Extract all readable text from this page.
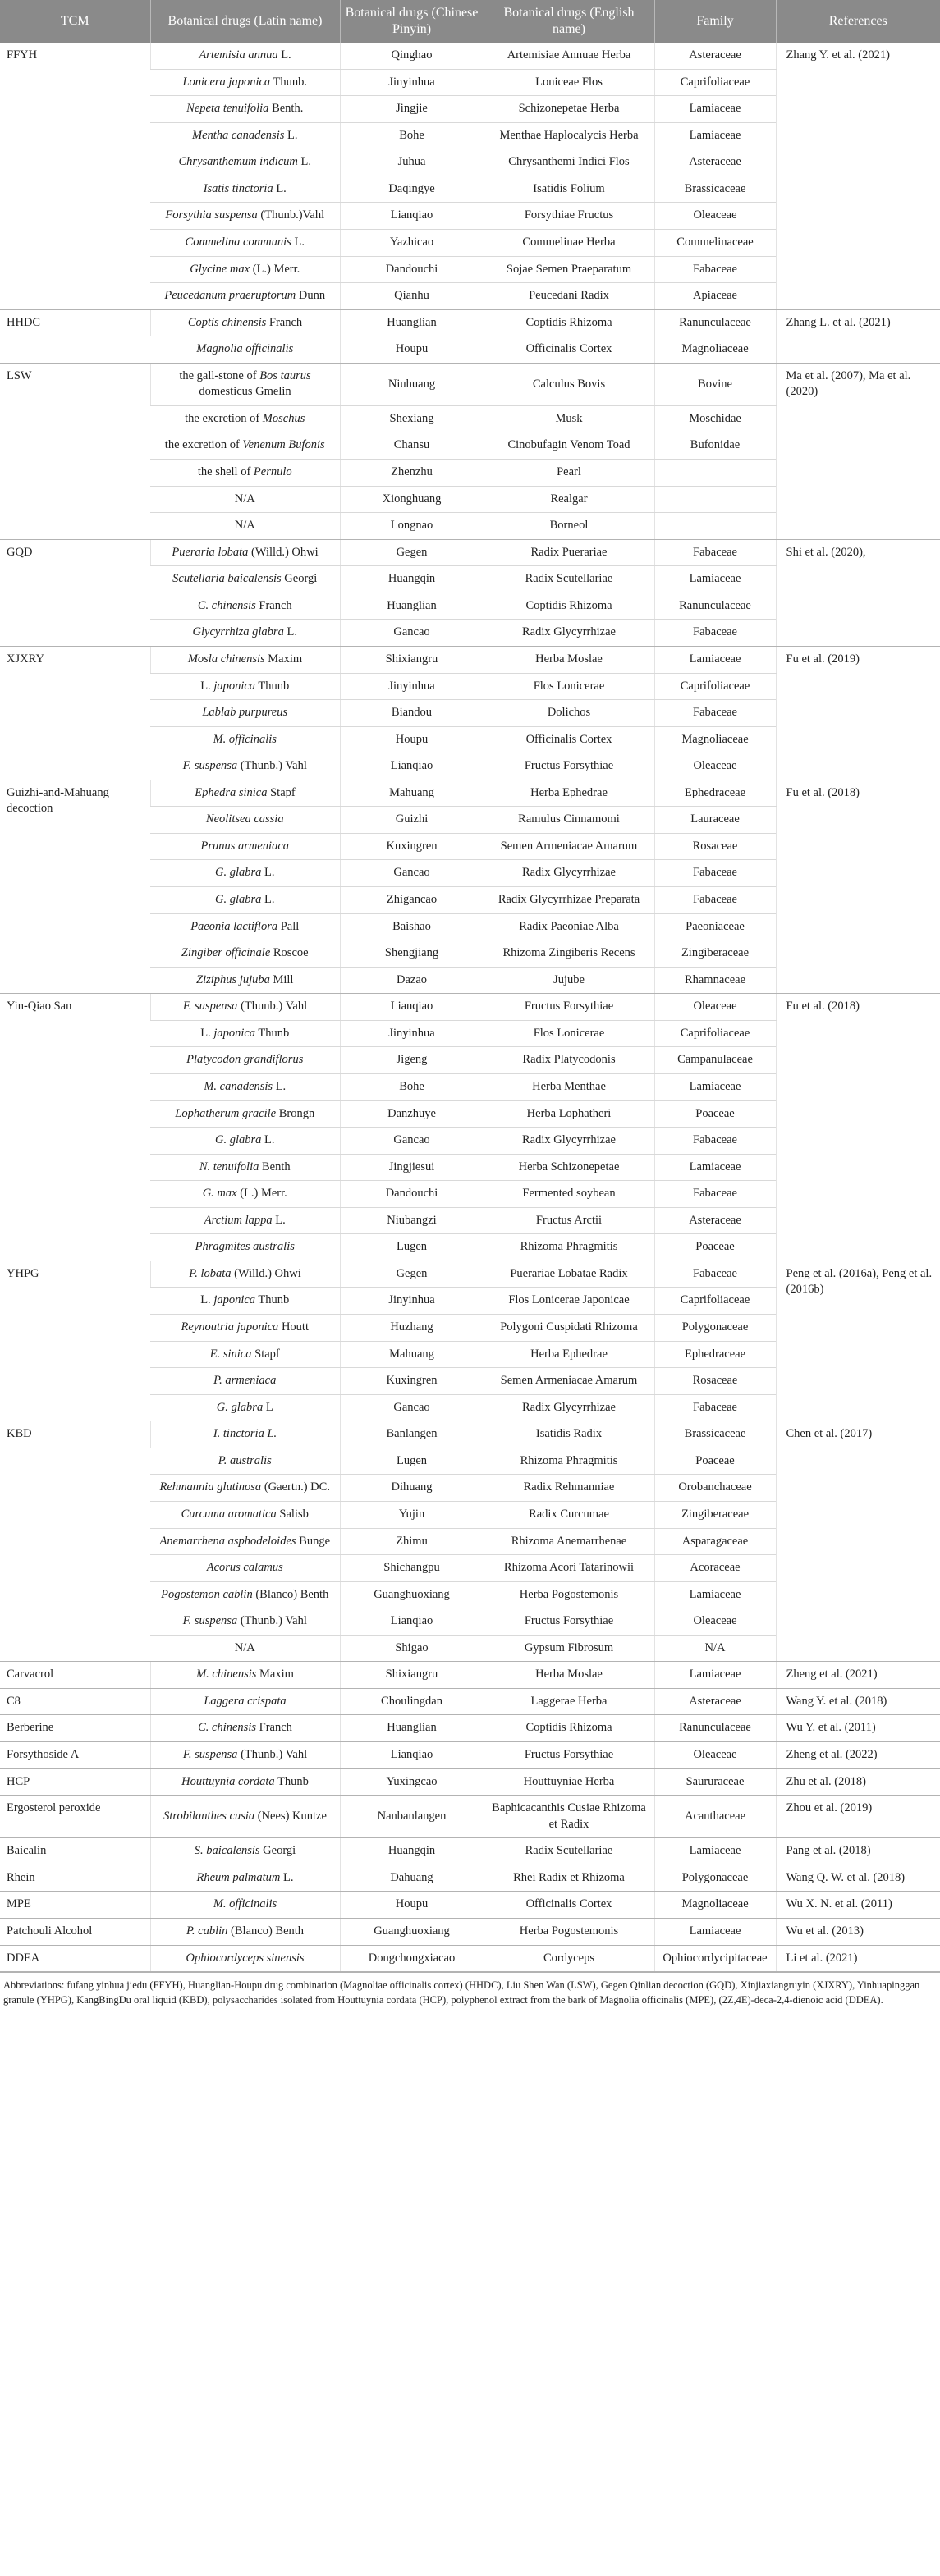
TCM	Botanical drugs (Latin name)	Botanical drugs (Chinese Pinyin)	Botanical drugs (English name)	Family	References
FFYH	Artemisia annua L.	Qinghao	Artemisiae Annuae Herba	Asteraceae	Zhang Y. et al. (2021)
	Lonicera japonica Thunb.	Jinyinhua	Loniceae Flos	Caprifoliaceae	
	Nepeta tenuifolia Benth.	Jingjie	Schizonepetae Herba	Lamiaceae	
	Mentha canadensis L.	Bohe	Menthae Haplocalycis Herba	Lamiaceae	
	Chrysanthemum indicum L.	Juhua	Chrysanthemi Indici Flos	Asteraceae	
	Isatis tinctoria L.	Daqingye	Isatidis Folium	Brassicaceae	
	Forsythia suspensa (Thunb.)Vahl	Lianqiao	Forsythiae Fructus	Oleaceae	
	Commelina communis L.	Yazhicao	Commelinae Herba	Commelinaceae	
	Glycine max (L.) Merr.	Dandouchi	Sojae Semen Praeparatum	Fabaceae	
	Peucedanum praeruptorum Dunn	Qianhu	Peucedani Radix	Apiaceae	
HHDC	Coptis chinensis Franch	Huanglian	Coptidis Rhizoma	Ranunculaceae	Zhang L. et al. (2021)
	Magnolia officinalis	Houpu	Officinalis Cortex	Magnoliaceae	
LSW	the gall-stone of Bos taurus domesticus Gmelin	Niuhuang	Calculus Bovis	Bovine	Ma et al. (2007), Ma et al. (2020)
	the excretion of Moschus	Shexiang	Musk	Moschidae	
	the excretion of Venenum Bufonis	Chansu	Cinobufagin Venom Toad	Bufonidae	
	the shell of Pernulo	Zhenzhu	Pearl		
	N/A	Xionghuang	Realgar		
	N/A	Longnao	Borneol		
GQD	Pueraria lobata (Willd.) Ohwi	Gegen	Radix Puerariae	Fabaceae	Shi et al. (2020),
	Scutellaria baicalensis Georgi	Huangqin	Radix Scutellariae	Lamiaceae	
	C. chinensis Franch	Huanglian	Coptidis Rhizoma	Ranunculaceae	
	Glycyrrhiza glabra L.	Gancao	Radix Glycyrrhizae	Fabaceae	
XJXRY	Mosla chinensis Maxim	Shixiangru	Herba Moslae	Lamiaceae	Fu et al. (2019)
	L. japonica Thunb	Jinyinhua	Flos Lonicerae	Caprifoliaceae	
	Lablab purpureus	Biandou	Dolichos	Fabaceae	
	M. officinalis	Houpu	Officinalis Cortex	Magnoliaceae	
	F. suspensa (Thunb.) Vahl	Lianqiao	Fructus Forsythiae	Oleaceae	
Guizhi-and-Mahuang decoction	Ephedra sinica Stapf	Mahuang	Herba Ephedrae	Ephedraceae	Fu et al. (2018)
	Neolitsea cassia	Guizhi	Ramulus Cinnamomi	Lauraceae	
	Prunus armeniaca	Kuxingren	Semen Armeniacae Amarum	Rosaceae	
	G. glabra L.	Gancao	Radix Glycyrrhizae	Fabaceae	
	G. glabra L.	Zhigancao	Radix Glycyrrhizae Preparata	Fabaceae	
	Paeonia lactiflora Pall	Baishao	Radix Paeoniae Alba	Paeoniaceae	
	Zingiber officinale Roscoe	Shengjiang	Rhizoma Zingiberis Recens	Zingiberaceae	
	Ziziphus jujuba Mill	Dazao	Jujube	Rhamnaceae	
Yin-Qiao San	F. suspensa (Thunb.) Vahl	Lianqiao	Fructus Forsythiae	Oleaceae	Fu et al. (2018)
	L. japonica Thunb	Jinyinhua	Flos Lonicerae	Caprifoliaceae	
	Platycodon grandiflorus	Jigeng	Radix Platycodonis	Campanulaceae	
	M. canadensis L.	Bohe	Herba Menthae	Lamiaceae	
	Lophatherum gracile Brongn	Danzhuye	Herba Lophatheri	Poaceae	
	G. glabra L.	Gancao	Radix Glycyrrhizae	Fabaceae	
	N. tenuifolia Benth	Jingjiesui	Herba Schizonepetae	Lamiaceae	
	G. max (L.) Merr.	Dandouchi	Fermented soybean	Fabaceae	
	Arctium lappa L.	Niubangzi	Fructus Arctii	Asteraceae	
	Phragmites australis	Lugen	Rhizoma Phragmitis	Poaceae	
YHPG	P. lobata (Willd.) Ohwi	Gegen	Puerariae Lobatae Radix	Fabaceae	Peng et al. (2016a), Peng et al. (2016b)
	L. japonica Thunb	Jinyinhua	Flos Lonicerae Japonicae	Caprifoliaceae	
	Reynoutria japonica Houtt	Huzhang	Polygoni Cuspidati Rhizoma	Polygonaceae	
	E. sinica Stapf	Mahuang	Herba Ephedrae	Ephedraceae	
	P. armeniaca	Kuxingren	Semen Armeniacae Amarum	Rosaceae	
	G. glabra L	Gancao	Radix Glycyrrhizae	Fabaceae	
KBD	I. tinctoria L.	Banlangen	Isatidis Radix	Brassicaceae	Chen et al. (2017)
	P. australis	Lugen	Rhizoma Phragmitis	Poaceae	
	Rehmannia glutinosa (Gaertn.) DC.	Dihuang	Radix Rehmanniae	Orobanchaceae	
	Curcuma aromatica Salisb	Yujin	Radix Curcumae	Zingiberaceae	
	Anemarrhena asphodeloides Bunge	Zhimu	Rhizoma Anemarrhenae	Asparagaceae	
	Acorus calamus	Shichangpu	Rhizoma Acori Tatarinowii	Acoraceae	
	Pogostemon cablin (Blanco) Benth	Guanghuoxiang	Herba Pogostemonis	Lamiaceae	
	F. suspensa (Thunb.) Vahl	Lianqiao	Fructus Forsythiae	Oleaceae	
	N/A	Shigao	Gypsum Fibrosum	N/A	
Carvacrol	M. chinensis Maxim	Shixiangru	Herba Moslae	Lamiaceae	Zheng et al. (2021)
C8	Laggera crispata	Choulingdan	Laggerae Herba	Asteraceae	Wang Y. et al. (2018)
Berberine	C. chinensis Franch	Huanglian	Coptidis Rhizoma	Ranunculaceae	Wu Y. et al. (2011)
Forsythoside A	F. suspensa (Thunb.) Vahl	Lianqiao	Fructus Forsythiae	Oleaceae	Zheng et al. (2022)
HCP	Houttuynia cordata Thunb	Yuxingcao	Houttuyniae Herba	Saururaceae	Zhu et al. (2018)
Ergosterol peroxide	Strobilanthes cusia (Nees) Kuntze	Nanbanlangen	Baphicacanthis Cusiae Rhizoma et Radix	Acanthaceae	Zhou et al. (2019)
Baicalin	S. baicalensis Georgi	Huangqin	Radix Scutellariae	Lamiaceae	Pang et al. (2018)
Rhein	Rheum palmatum L.	Dahuang	Rhei Radix et Rhizoma	Polygonaceae	Wang Q. W. et al. (2018)
MPE	M. officinalis	Houpu	Officinalis Cortex	Magnoliaceae	Wu X. N. et al. (2011)
Patchouli Alcohol	P. cablin (Blanco) Benth	Guanghuoxiang	Herba Pogostemonis	Lamiaceae	Wu et al. (2013)
DDEA	Ophiocordyceps sinensis	Dongchongxiacao	Cordyceps	Ophiocordycipitaceae	Li et al. (2021)
Abbreviations: fufang yinhua jiedu (FFYH), Huanglian-Houpu drug combination (Magnoliae officinalis cortex) (HHDC), Liu Shen Wan (LSW), Gegen Qinlian decoction (GQD), Xinjiaxiangruyin (XJXRY), Yinhuapinggan granule (YHPG), KangBingDu oral liquid (KBD), polysaccharides isolated from Houttuynia cordata (HCP), polyphenol extract from the bark of Magnolia officinalis (MPE), (2Z,4E)-deca-2,4-dienoic acid (DDEA).
